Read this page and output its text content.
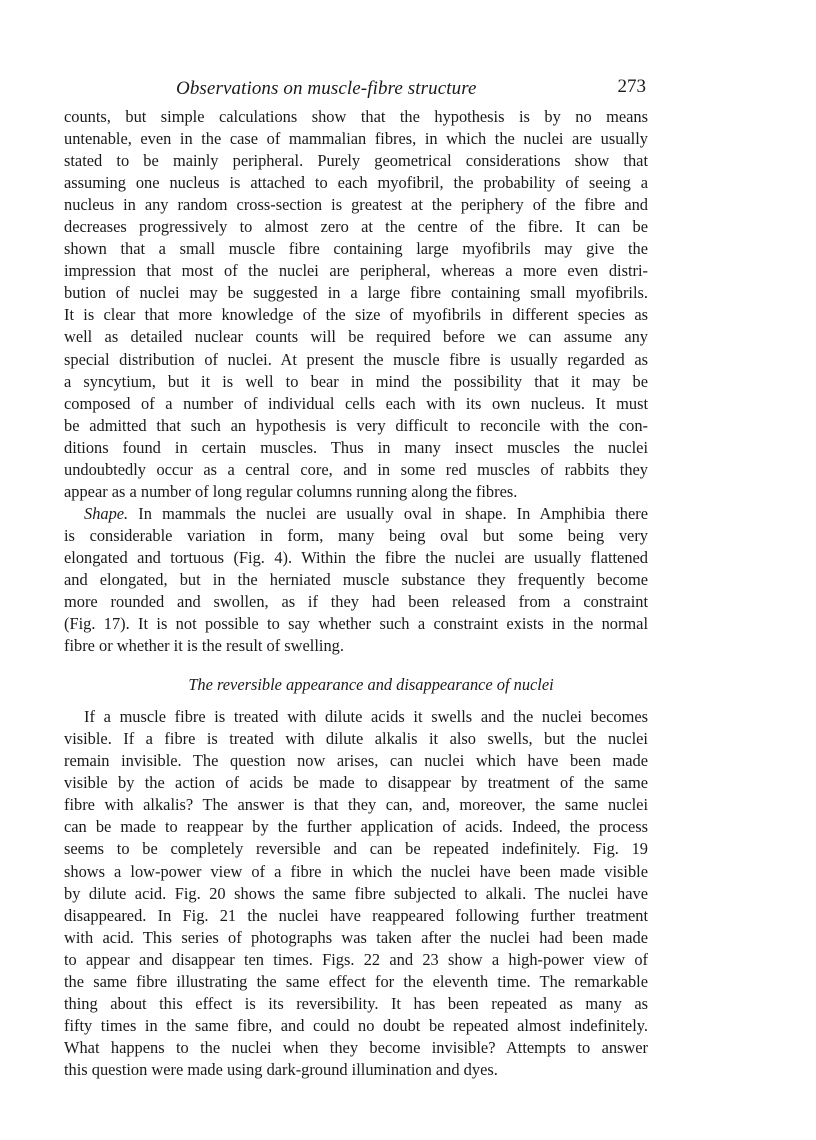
Observations on muscle-fibre structure	273

counts, but simple calculations show that the hypothesis is by no means
untenable, even in the case of mammalian fibres, in which the nuclei are usually
stated to be mainly peripheral. Purely geometrical considerations show that
assuming one nucleus is attached to each myofibril, the probability of seeing a
nucleus in any random cross-section is greatest at the periphery of the fibre and
decreases progressively to almost zero at the centre of the fibre. It can be
shown that a small muscle fibre containing large myofibrils may give the
impression that most of the nuclei are peripheral, whereas a more even distri-
bution of nuclei may be suggested in a large fibre containing small myofibrils.
It is clear that more knowledge of the size of myofibrils in different species as
well as detailed nuclear counts will be required before we can assume any
special distribution of nuclei. At present the muscle fibre is usually regarded as
a syncytium, but it is well to bear in mind the possibility that it may be
composed of a number of individual cells each with its own nucleus. It must
be admitted that such an hypothesis is very difficult to reconcile with the con-
ditions found in certain muscles. Thus in many insect muscles the nuclei
undoubtedly occur as a central core, and in some red muscles of rabbits they
appear as a number of long regular columns running along the fibres.

Shape. In mammals the nuclei are usually oval in shape. In Amphibia there
is considerable variation in form, many being oval but some being very
elongated and tortuous (Fig. 4). Within the fibre the nuclei are usually flattened
and elongated, but in the herniated muscle substance they frequently become
more rounded and swollen, as if they had been released from a constraint
(Fig. 17). It is not possible to say whether such a constraint exists in the normal
fibre or whether it is the result of swelling.

The reversible appearance and disappearance of nuclei

If a muscle fibre is treated with dilute acids it swells and the nuclei becomes
visible. If a fibre is treated with dilute alkalis it also swells, but the nuclei
remain invisible. The question now arises, can nuclei which have been made
visible by the action of acids be made to disappear by treatment of the same
fibre with alkalis? The answer is that they can, and, moreover, the same nuclei
can be made to reappear by the further application of acids. Indeed, the process
seems to be completely reversible and can be repeated indefinitely. Fig. 19
shows a low-power view of a fibre in which the nuclei have been made visible
by dilute acid. Fig. 20 shows the same fibre subjected to alkali. The nuclei have
disappeared. In Fig. 21 the nuclei have reappeared following further treatment
with acid. This series of photographs was taken after the nuclei had been made
to appear and disappear ten times. Figs. 22 and 23 show a high-power view of
the same fibre illustrating the same effect for the eleventh time. The remarkable
thing about this effect is its reversibility. It has been repeated as many as
fifty times in the same fibre, and could no doubt be repeated almost indefinitely.
What happens to the nuclei when they become invisible? Attempts to answer
this question were made using dark-ground illumination and dyes.
